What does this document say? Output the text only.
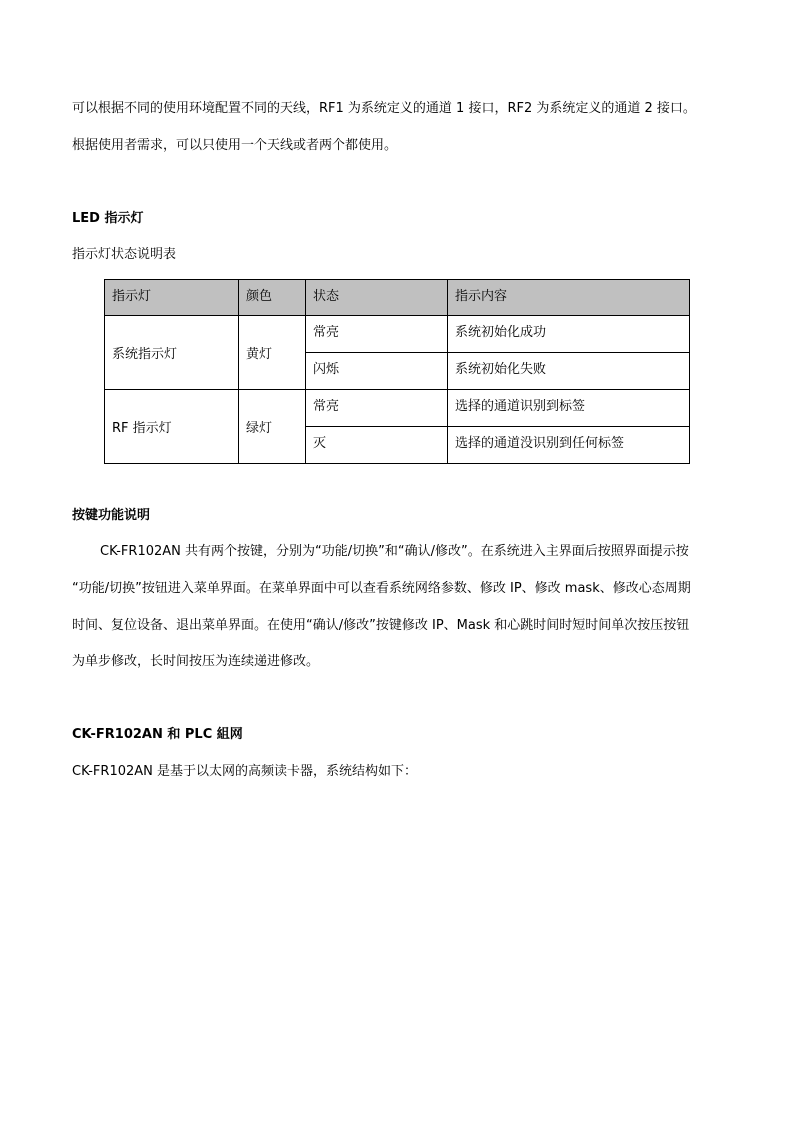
可以根据不同的使用环境配置不同的天线，RF1 为系统定义的通道 1 接口，RF2 为系统定义的通道 2 接口。
根据使用者需求，可以只使用一个天线或者两个都使用。
LED 指示灯
指示灯状态说明表
指示灯	颜色	状态	指示内容
系统指示灯	黄灯	常亮	系统初始化成功
		闪烁	系统初始化失败
RF 指示灯	绿灯	常亮	选择的通道识别到标签
		灭	选择的通道没识别到任何标签
按键功能说明
CK-FR102AN 共有两个按键，分别为“功能/切换”和“确认/修改”。在系统进入主界面后按照界面提示按
“功能/切换”按钮进入菜单界面。在菜单界面中可以查看系统网络参数、修改 IP、修改 mask、修改心态周期
时间、复位设备、退出菜单界面。在使用“确认/修改”按键修改 IP、Mask 和心跳时间时短时间单次按压按钮
为单步修改，长时间按压为连续递进修改。
CK-FR102AN 和 PLC 組网
CK-FR102AN 是基于以太网的高频读卡器，系统结构如下：
